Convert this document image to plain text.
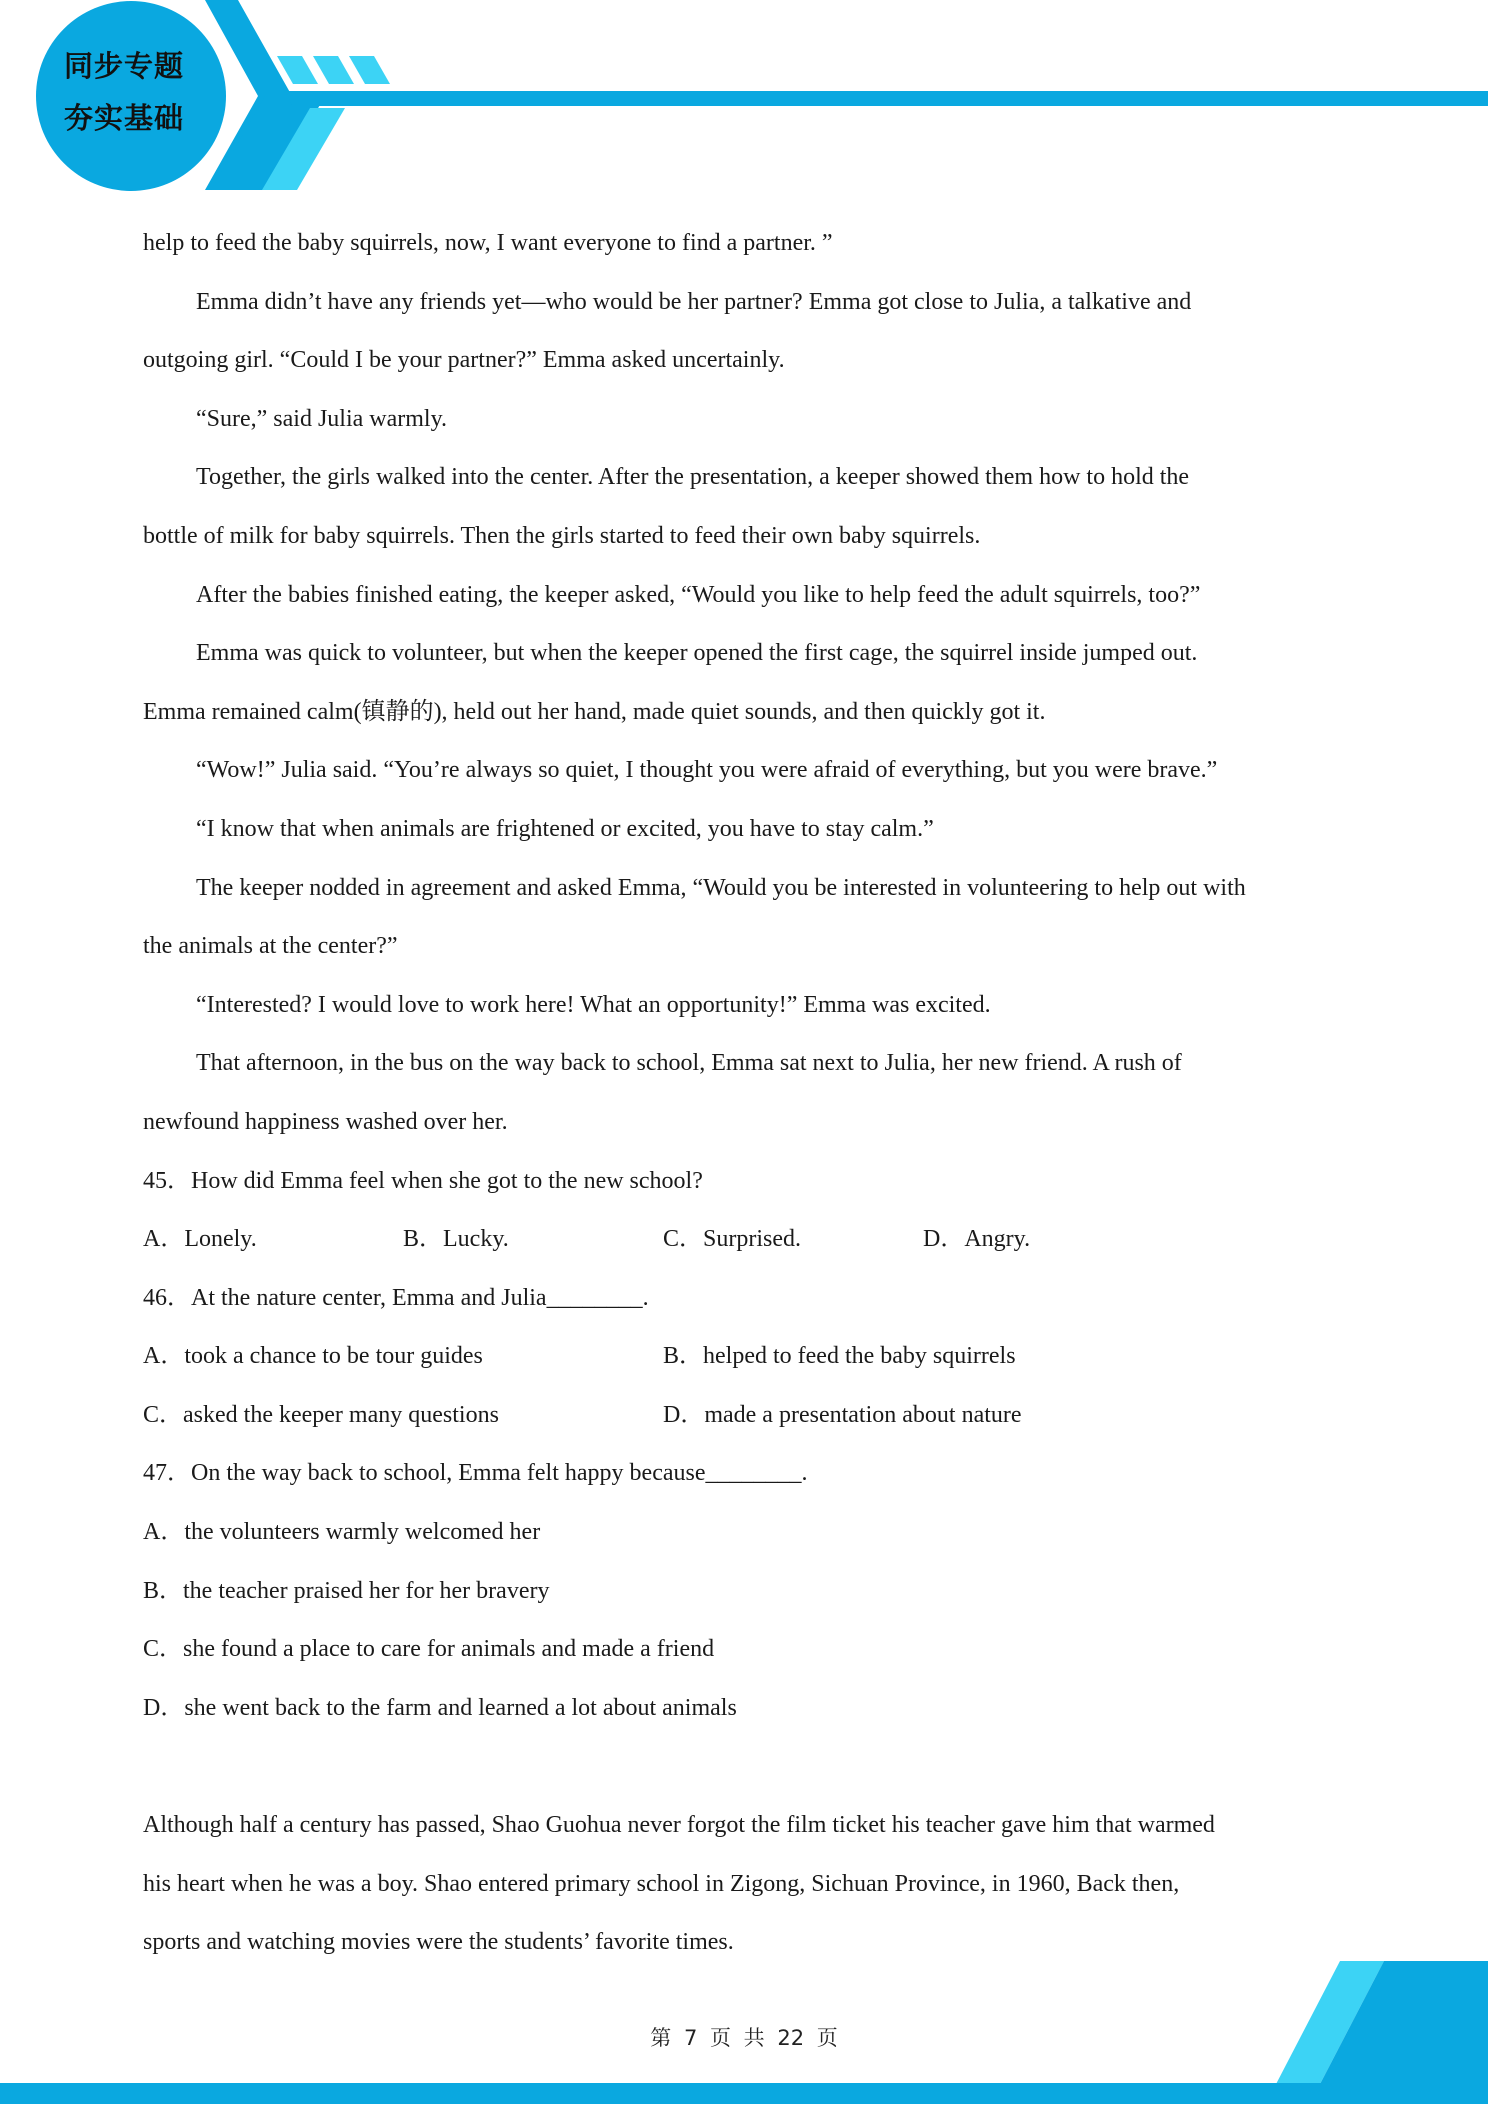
同步专题
夯实基础
help to feed the baby squirrels, now, I want everyone to find a partner. ”
Emma didn’t have any friends yet—who would be her partner? Emma got close to Julia, a talkative and
outgoing girl. “Could I be your partner?” Emma asked uncertainly.
“Sure,” said Julia warmly.
Together, the girls walked into the center. After the presentation, a keeper showed them how to hold the
bottle of milk for baby squirrels. Then the girls started to feed their own baby squirrels.
After the babies finished eating, the keeper asked, “Would you like to help feed the adult squirrels, too?”
Emma was quick to volunteer, but when the keeper opened the first cage, the squirrel inside jumped out.
Emma remained calm(镇静的), held out her hand, made quiet sounds, and then quickly got it.
“Wow!” Julia said. “You’re always so quiet, I thought you were afraid of everything, but you were brave.”
“I know that when animals are frightened or excited, you have to stay calm.”
The keeper nodded in agreement and asked Emma, “Would you be interested in volunteering to help out with
the animals at the center?”
“Interested? I would love to work here! What an opportunity!” Emma was excited.
That afternoon, in the bus on the way back to school, Emma sat next to Julia, her new friend. A rush of
newfound happiness washed over her.
45．How did Emma feel when she got to the new school?
A．Lonely.	B．Lucky.	C．Surprised.	D．Angry.
46．At the nature center, Emma and Julia________.
A．took a chance to be tour guides	B．helped to feed the baby squirrels
C．asked the keeper many questions	D．made a presentation about nature
47．On the way back to school, Emma felt happy because________.
A．the volunteers warmly welcomed her
B．the teacher praised her for her bravery
C．she found a place to care for animals and made a friend
D．she went back to the farm and learned a lot about animals
Although half a century has passed, Shao Guohua never forgot the film ticket his teacher gave him that warmed
his heart when he was a boy. Shao entered primary school in Zigong, Sichuan Province, in 1960, Back then,
sports and watching movies were the students’ favorite times.
第 7 页 共 22 页
